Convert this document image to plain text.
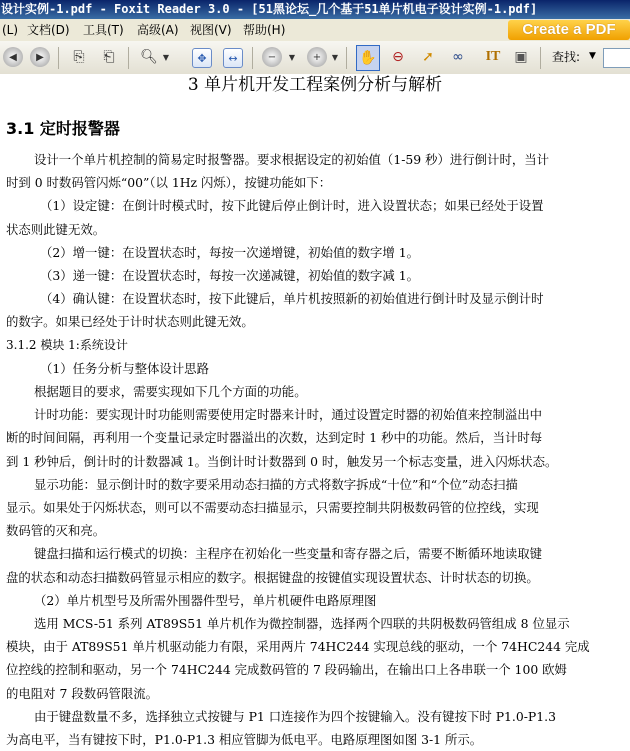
设计实例-1.pdf - Foxit Reader 3.0 - [51黑论坛_几个基于51单片机电子设计实例-1.pdf]
(L) 文档(D) 工具(T) 高级(A) 视图(V) 帮助(H)	Create a PDF
◀	▶	⎘	⎗	🔍︎ ▼	✥	↔	−	+
▼	▼ ✋	⊖	➚	∞	IT ▣	查找: ▼
3 单片机开发工程案例分析与解析
3.1 定时报警器
设计一个单片机控制的简易定时报警器。要求根据设定的初始值（1-59 秒）进行倒计时，当计
时到 0 时数码管闪烁“00”（以 1Hz 闪烁），按键功能如下：
（1）设定键：在倒计时模式时，按下此键后停止倒计时，进入设置状态；如果已经处于设置
状态则此键无效。
（2）增一键：在设置状态时，每按一次递增键，初始值的数字增 1。
（3）递一键：在设置状态时，每按一次递减键，初始值的数字减 1。
（4）确认键：在设置状态时，按下此键后，单片机按照新的初始值进行倒计时及显示倒计时
的数字。如果已经处于计时状态则此键无效。
3.1.2 模块 1:系统设计
（1）任务分析与整体设计思路
根据题目的要求，需要实现如下几个方面的功能。
计时功能：要实现计时功能则需要使用定时器来计时，通过设置定时器的初始值来控制溢出中
断的时间间隔，再利用一个变量记录定时器溢出的次数，达到定时 1 秒中的功能。然后，当计时每
到 1 秒钟后，倒计时的计数器减 1。当倒计时计数器到 0 时，触发另一个标志变量，进入闪烁状态。
显示功能：显示倒计时的数字要采用动态扫描的方式将数字拆成“十位”和“个位”动态扫描
显示。如果处于闪烁状态，则可以不需要动态扫描显示，只需要控制共阴极数码管的位控线，实现
数码管的灭和亮。
键盘扫描和运行模式的切换：主程序在初始化一些变量和寄存器之后，需要不断循环地读取键
盘的状态和动态扫描数码管显示相应的数字。根据键盘的按键值实现设置状态、计时状态的切换。
（2）单片机型号及所需外围器件型号，单片机硬件电路原理图
选用 MCS-51 系列 AT89S51 单片机作为微控制器，选择两个四联的共阴极数码管组成 8 位显示
模块，由于 AT89S51 单片机驱动能力有限，采用两片 74HC244 实现总线的驱动，一个 74HC244 完成
位控线的控制和驱动，另一个 74HC244 完成数码管的 7 段码输出，在输出口上各串联一个 100 欧姆
的电阻对 7 段数码管限流。
由于键盘数量不多，选择独立式按键与 P1 口连接作为四个按键输入。没有键按下时 P1.0-P1.3
为高电平，当有键按下时，P1.0-P1.3 相应管脚为低电平。电路原理图如图 3-1 所示。
